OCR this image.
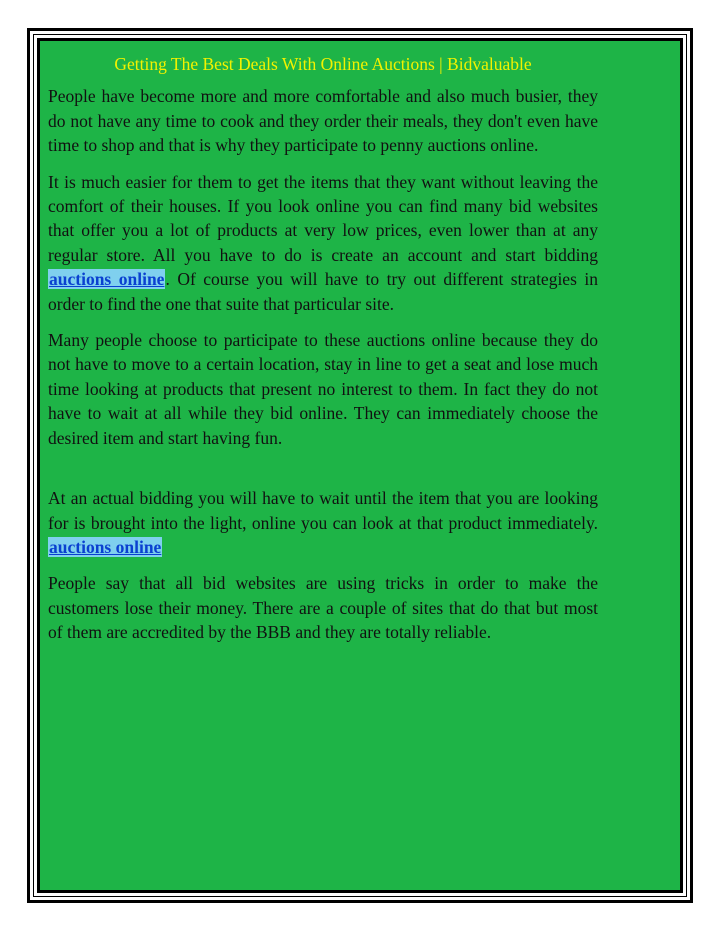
Getting The Best Deals With Online Auctions | Bidvaluable

People have become more and more comfortable and also much busier, they do not have any time to cook and they order their meals, they don't even have time to shop and that is why they participate to penny auctions online.

It is much easier for them to get the items that they want without leaving the comfort of their houses. If you look online you can find many bid websites that offer you a lot of products at very low prices, even lower than at any regular store. All you have to do is create an account and start bidding auctions online. Of course you will have to try out different strategies in order to find the one that suite that particular site.

Many people choose to participate to these auctions online because they do not have to move to a certain location, stay in line to get a seat and lose much time looking at products that present no interest to them. In fact they do not have to wait at all while they bid online. They can immediately choose the desired item and start having fun.

At an actual bidding you will have to wait until the item that you are looking for is brought into the light, online you can look at that product immediately. auctions online

People say that all bid websites are using tricks in order to make the customers lose their money. There are a couple of sites that do that but most of them are accredited by the BBB and they are totally reliable.
